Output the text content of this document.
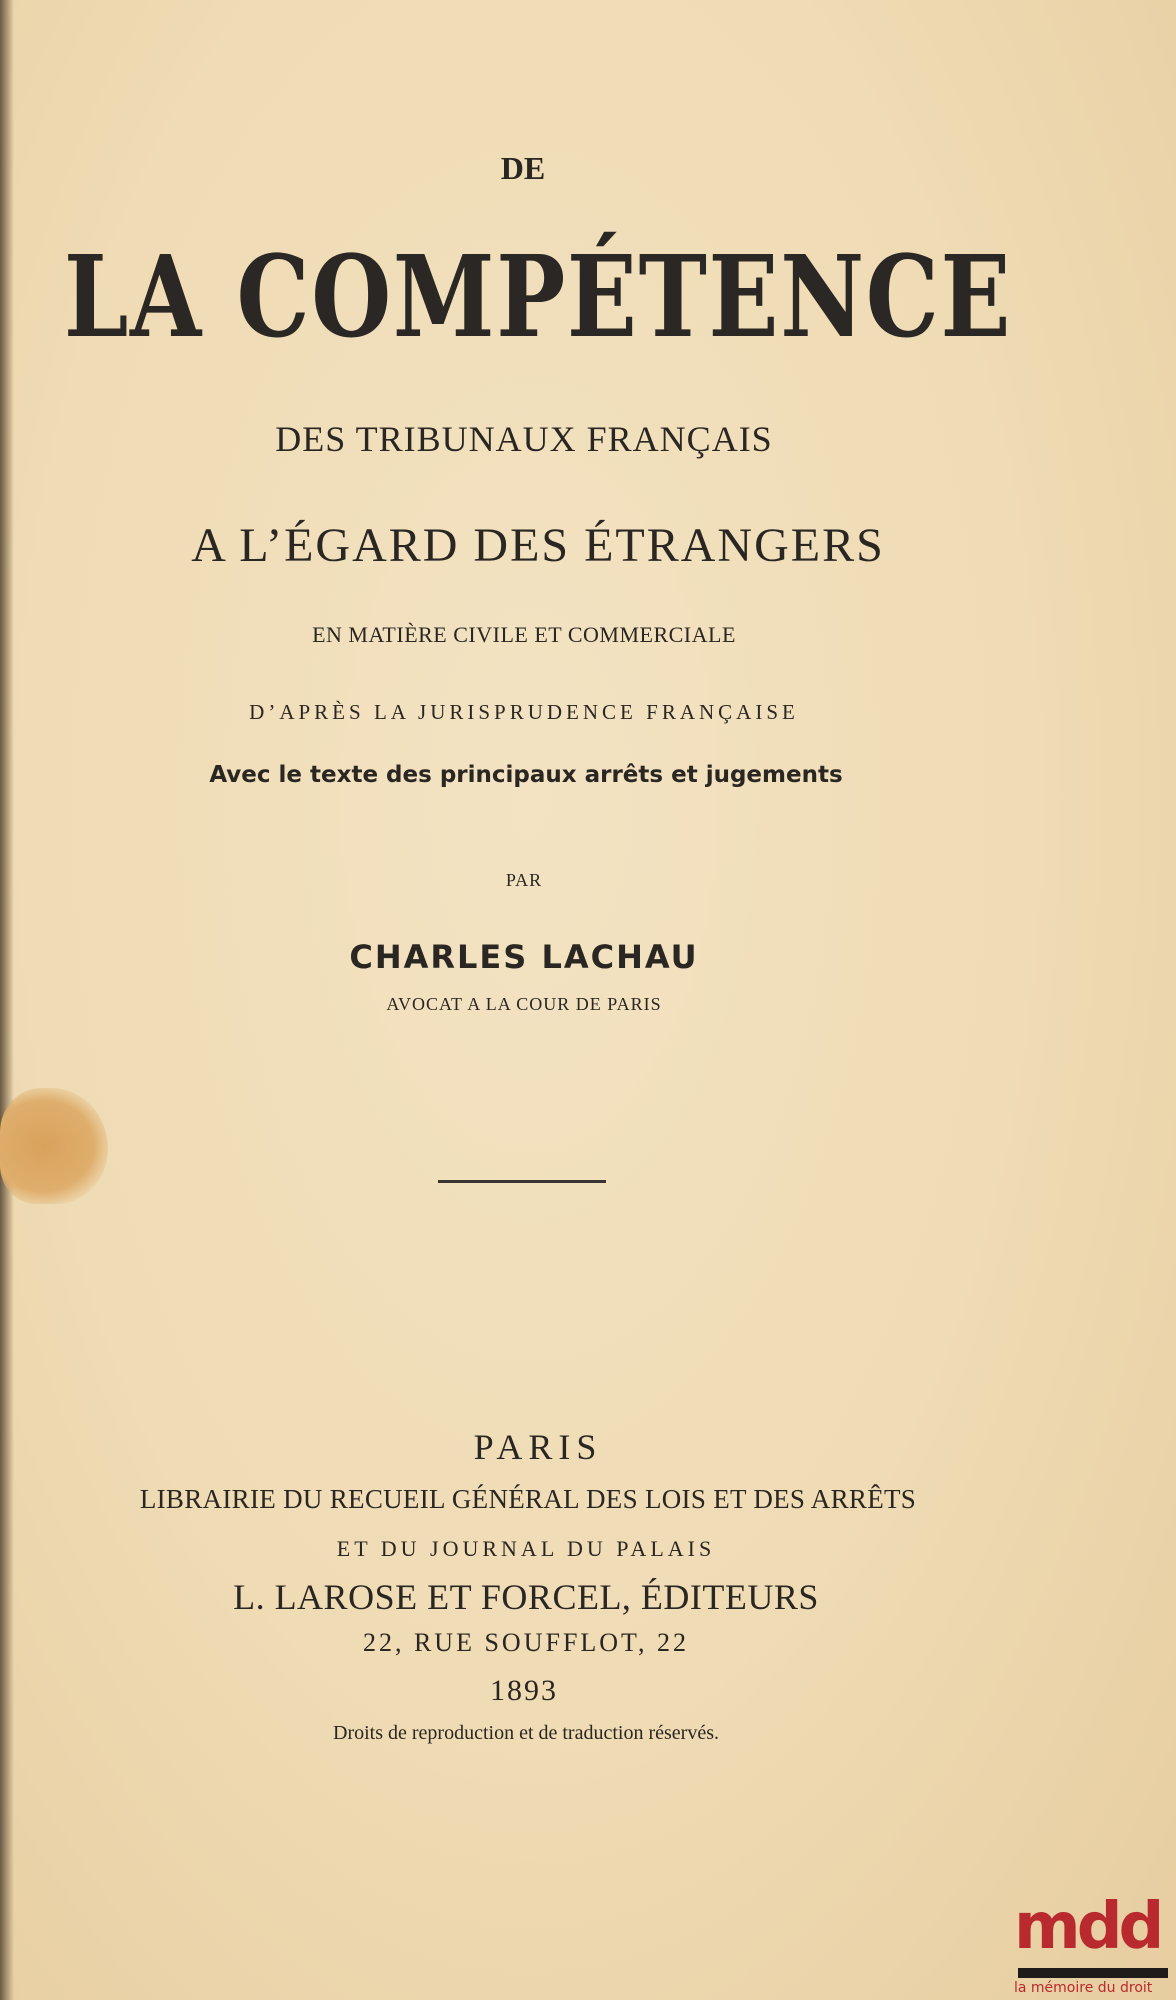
DE

LA COMPÉTENCE

DES TRIBUNAUX FRANÇAIS

A L’ÉGARD DES ÉTRANGERS

EN MATIÈRE CIVILE ET COMMERCIALE

D’APRÈS LA JURISPRUDENCE FRANÇAISE

Avec le texte des principaux arrêts et jugements

PAR

CHARLES LACHAU

AVOCAT A LA COUR DE PARIS

PARIS

LIBRAIRIE DU RECUEIL GÉNÉRAL DES LOIS ET DES ARRÊTS

ET DU JOURNAL DU PALAIS

L. LAROSE ET FORCEL, ÉDITEURS

22, RUE SOUFFLOT, 22

1893

Droits de reproduction et de traduction réservés.

mdd
la mémoire du droit
